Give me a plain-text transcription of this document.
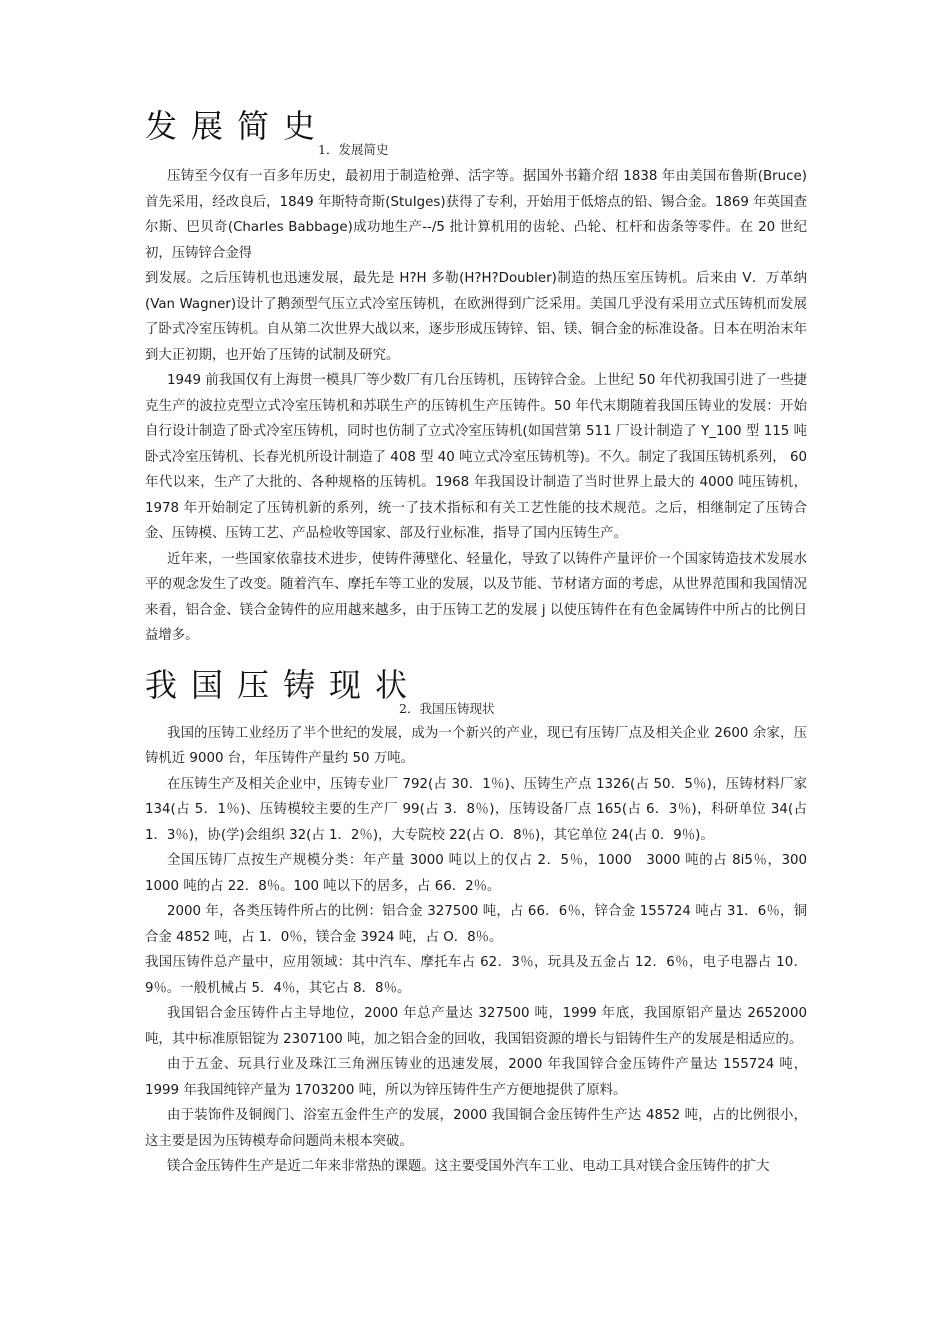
发展简史
1．发展简史

压铸至今仅有一百多年历史，最初用于制造枪弹、活字等。据国外书籍介绍 1838 年由美国布鲁斯(Bruce)首先采用，经改良后，1849 年斯特奇斯(StuIges)获得了专利，开始用于低熔点的铅、锡合金。1869 年英国查尔斯、巴贝奇(Charles Babbage)成功地生产--/5 批计算机用的齿轮、凸轮、杠杆和齿条等零件。在 20 世纪初，压铸锌合金得

到发展。之后压铸机也迅速发展，最先是 H?H 多勒(H?H?Doubler)制造的热压室压铸机。后来由 V．万革纳(Van Wagner)设计了鹅颈型气压立式冷室压铸机，在欧洲得到广泛采用。美国几乎没有采用立式压铸机而发展了卧式冷室压铸机。自从第二次世界大战以来，逐步形成压铸锌、铝、镁、铜合金的标准设备。日本在明治末年到大正初期，也开始了压铸的试制及研究。

1949 前我国仅有上海贯一模具厂等少数厂有几台压铸机，压铸锌合金。上世纪 50 年代初我国引进了一些捷克生产的波拉克型立式冷室压铸机和苏联生产的压铸机生产压铸件。50 年代末期随着我国压铸业的发展：开始自行设计制造了卧式冷室压铸机，同时也仿制了立式冷室压铸机(如国营第 511 厂设计制造了 Y_100 型 115 吨卧式冷室压铸机、长春光机所设计制造了 408 型 40 吨立式冷室压铸机等)。不久。制定了我国压铸机系列， 60 年代以来，生产了大批的、各种规格的压铸机。1968 年我国设计制造了当时世界上最大的 4000 吨压铸机，1978 年开始制定了压铸机新的系列，统一了技术指标和有关工艺性能的技术规范。之后，相继制定了压铸合金、压铸模、压铸工艺、产品检收等国家、部及行业标准，指导了国内压铸生产。

近年来，一些国家依靠技术进步，使铸件薄壁化、轻量化，导致了以铸件产量评价一个国家铸造技术发展水平的观念发生了改变。随着汽车、摩托车等工业的发展，以及节能、节材诸方面的考虑，从世界范围和我国情况来看，铝合金、镁合金铸件的应用越来越多，由于压铸工艺的发展 j 以使压铸件在有色金属铸件中所占的比例日益增多。

我国压铸现状
2．我国压铸现状

我国的压铸工业经历了半个世纪的发展，成为一个新兴的产业，现已有压铸厂点及相关企业 2600 余家，压铸机近 9000 台，年压铸件产量约 50 万吨。

在压铸生产及相关企业中，压铸专业厂 792(占 30．1％)、压铸生产点 1326(占 50．5％)，压铸材料厂家 134(占 5．1％)、压铸模较主要的生产厂 99(占 3．8％)，压铸设备厂点 165(占 6．3％)，科研单位 34(占 1．3％)，协(学)会组织 32(占 1．2％)，大专院校 22(占 O．8％)，其它单位 24(占 0．9％)。

全国压铸厂点按生产规模分类：年产量 3000 吨以上的仅占 2．5％，1000　3000 吨的占 8i5％，300　1000 吨的占 22．8％。100 吨以下的居多，占 66．2％。

2000 年，各类压铸件所占的比例：铝合金 327500 吨，占 66．6％，锌合金 155724 吨占 31．6％，铜合金 4852 吨，占 1．0％，镁合金 3924 吨，占 O．8％。

我国压铸件总产量中，应用领域：其中汽车、摩托车占 62．3％，玩具及五金占 12．6％，电子电器占 10．9％。一般机械占 5．4％，其它占 8．8％。

我国铝合金压铸件占主导地位，2000 年总产量达 327500 吨，1999 年底，我国原铝产量达 2652000 吨，其中标准原铝锭为 2307100 吨，加之铝合金的回收，我国铝资源的增长与铝铸件生产的发展是相适应的。

由于五金、玩具行业及珠江三角洲压铸业的迅速发展，2000 年我国锌合金压铸件产量达 155724 吨，1999 年我国纯锌产量为 1703200 吨，所以为锌压铸件生产方便地提供了原料。

由于装饰件及铜阀门、浴室五金件生产的发展，2000 我国铜合金压铸件生产达 4852 吨，占的比例很小，这主要是因为压铸模寿命问题尚未根本突破。

镁合金压铸件生产是近二年来非常热的课题。这主要受国外汽车工业、电动工具对镁合金压铸件的扩大
